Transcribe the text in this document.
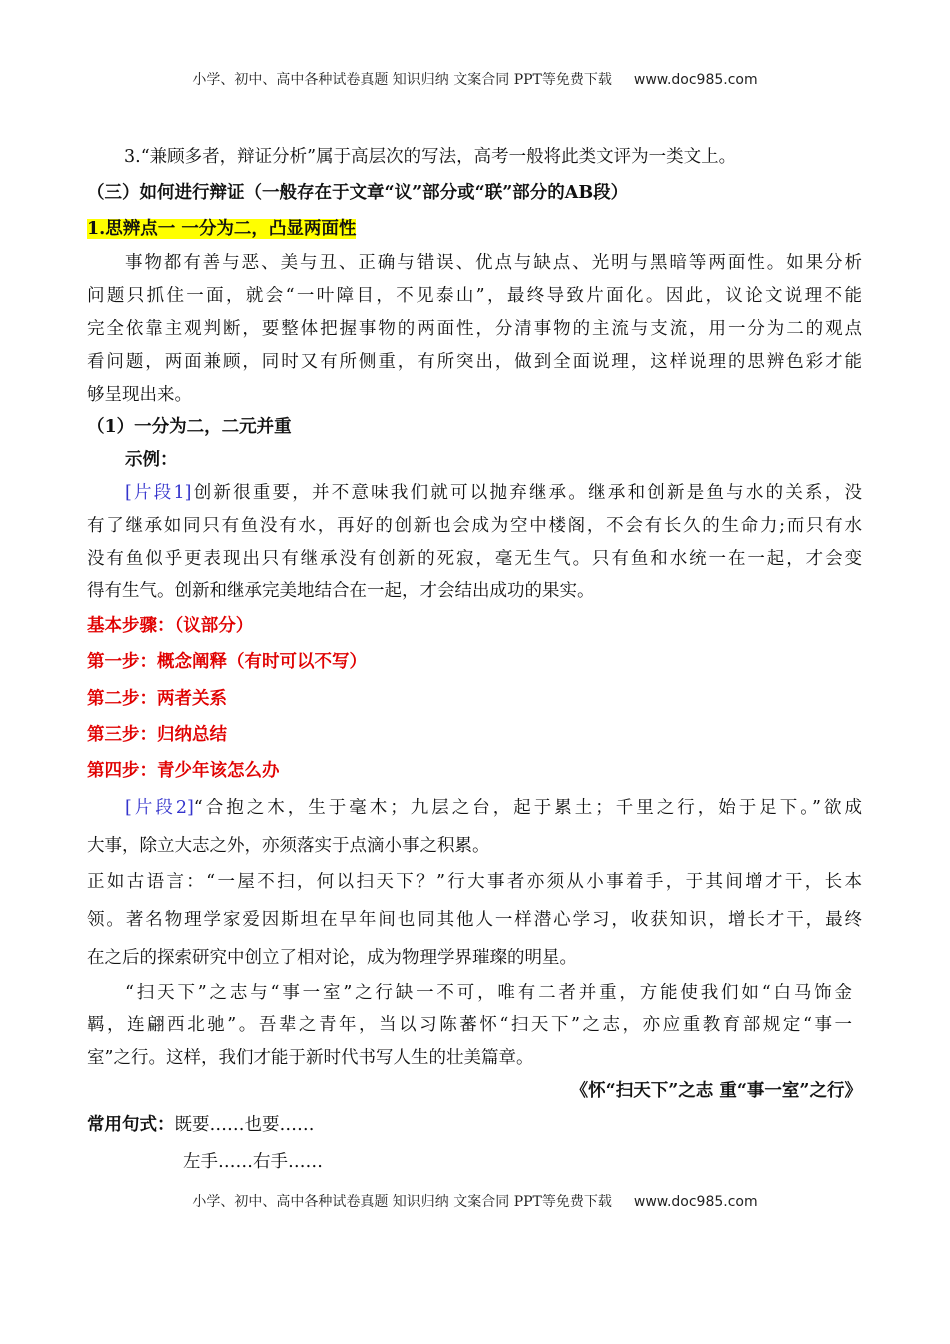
小学、初中、高中各种试卷真题 知识归纳 文案合同 PPT等免费下载 www.doc985.com
3.“兼顾多者，辩证分析”属于高层次的写法，高考一般将此类文评为一类文上。
（三）如何进行辩证（一般存在于文章“议”部分或“联”部分的AB段）
1.思辨点一 一分为二，凸显两面性
事物都有善与恶、美与丑、正确与错误、优点与缺点、光明与黑暗等两面性。如果分析
问题只抓住一面，就会“一叶障目，不见泰山”，最终导致片面化。因此，议论文说理不能
完全依靠主观判断，要整体把握事物的两面性，分清事物的主流与支流，用一分为二的观点
看问题，两面兼顾，同时又有所侧重，有所突出，做到全面说理，这样说理的思辨色彩才能
够呈现出来。
（1）一分为二，二元并重
示例：
[片段1]创新很重要，并不意味我们就可以抛弃继承。继承和创新是鱼与水的关系，没
有了继承如同只有鱼没有水，再好的创新也会成为空中楼阁，不会有长久的生命力;而只有水
没有鱼似乎更表现出只有继承没有创新的死寂，毫无生气。只有鱼和水统一在一起，才会变
得有生气。创新和继承完美地结合在一起，才会结出成功的果实。
基本步骤：（议部分）
第一步：概念阐释（有时可以不写）
第二步：两者关系
第三步：归纳总结
第四步：青少年该怎么办
[片段2]“合抱之木，生于毫木；九层之台，起于累土；千里之行，始于足下。”欲成
大事，除立大志之外，亦须落实于点滴小事之积累。
正如古语言：“一屋不扫，何以扫天下？”行大事者亦须从小事着手，于其间增才干，长本
领。著名物理学家爱因斯坦在早年间也同其他人一样潜心学习，收获知识，增长才干，最终
在之后的探索研究中创立了相对论，成为物理学界璀璨的明星。
“扫天下”之志与“事一室”之行缺一不可，唯有二者并重，方能使我们如“白马饰金
羁，连翩西北驰”。吾辈之青年，当以习陈蕃怀“扫天下”之志，亦应重教育部规定“事一
室”之行。这样，我们才能于新时代书写人生的壮美篇章。
《怀“扫天下”之志 重“事一室”之行》
常用句式：既要……也要……
左手……右手……
小学、初中、高中各种试卷真题 知识归纳 文案合同 PPT等免费下载 www.doc985.com
